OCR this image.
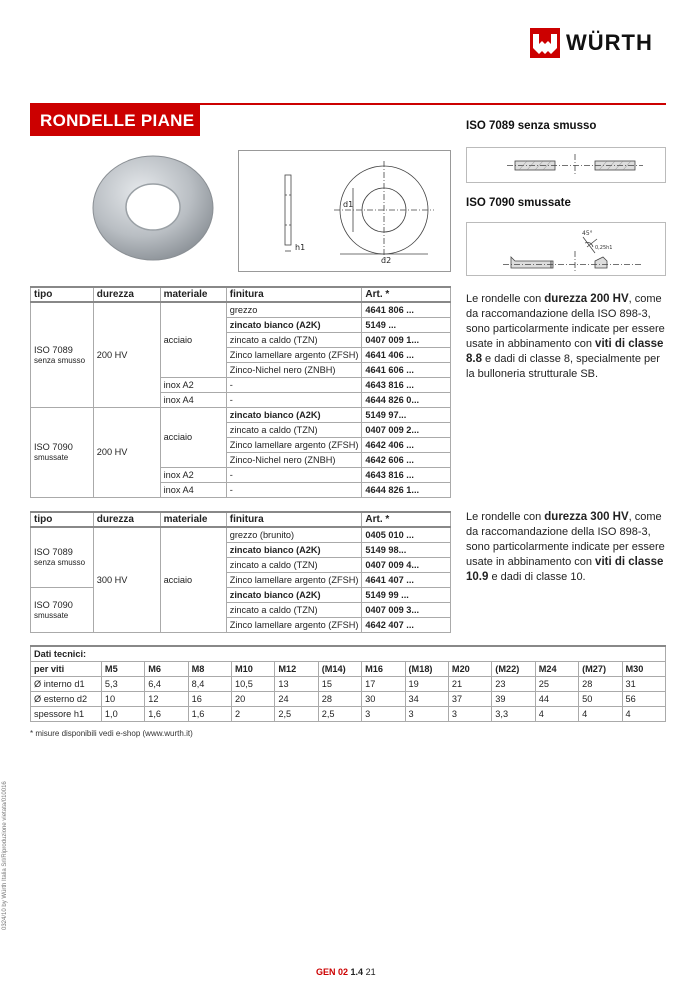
WÜRTH
RONDELLE PIANE
d1
d2
h1
ISO 7089 senza smusso
ISO 7090 smussate
45°
0,25h1
tipo	durezza	materiale	finitura	Art. *
ISO 7089
senza smusso	200 HV	acciaio	grezzo	4641 806 ...
			zincato bianco (A2K)	5149 ...
			zincato a caldo (TZN)	0407 009 1...
			Zinco lamellare argento (ZFSH)	4641 406 ...
			Zinco-Nichel nero (ZNBH)	4641 606 ...
		inox A2	-	4643 816 ...
		inox A4	-	4644 826 0...
ISO 7090
smussate	200 HV	acciaio	zincato bianco (A2K)	5149 97...
			zincato a caldo (TZN)	0407 009 2...
			Zinco lamellare argento (ZFSH)	4642 406 ...
			Zinco-Nichel nero (ZNBH)	4642 606 ...
		inox A2	-	4643 816 ...
		inox A4	-	4644 826 1...
Le rondelle con durezza 200 HV, come da raccomandazione della ISO 898-3, sono particolarmente indicate per essere usate in abbinamento con viti di classe 8.8 e dadi di classe 8, specialmente per la bulloneria strutturale SB.
tipo	durezza	materiale	finitura	Art. *
ISO 7089
senza smusso	300 HV	acciaio	grezzo (brunito)	0405 010 ...
			zincato bianco (A2K)	5149 98...
			zincato a caldo (TZN)	0407 009 4...
			Zinco lamellare argento (ZFSH)	4641 407 ...
ISO 7090
smussate			zincato bianco (A2K)	5149 99 ...
			zincato a caldo (TZN)	0407 009 3...
			Zinco lamellare argento (ZFSH)	4642 407 ...
Le rondelle con durezza 300 HV, come da raccomandazione della ISO 898-3, sono particolarmente indicate per essere usate in abbinamento con viti di classe 10.9 e dadi di classe 10.
Dati tecnici:													
per viti	M5	M6	M8	M10	M12	(M14)	M16	(M18)	M20	(M22)	M24	(M27)	M30
Ø interno d1	5,3	6,4	8,4	10,5	13	15	17	19	21	23	25	28	31
Ø esterno d2	10	12	16	20	24	28	30	34	37	39	44	50	56
spessore h1	1,0	1,6	1,6	2	2,5	2,5	3	3	3	3,3	4	4	4
* misure disponibili vedi e-shop (www.wurth.it)
0324/10 by Würth Italia Srl/Riproduzione vietata/010016
GEN 02 1.4 21
